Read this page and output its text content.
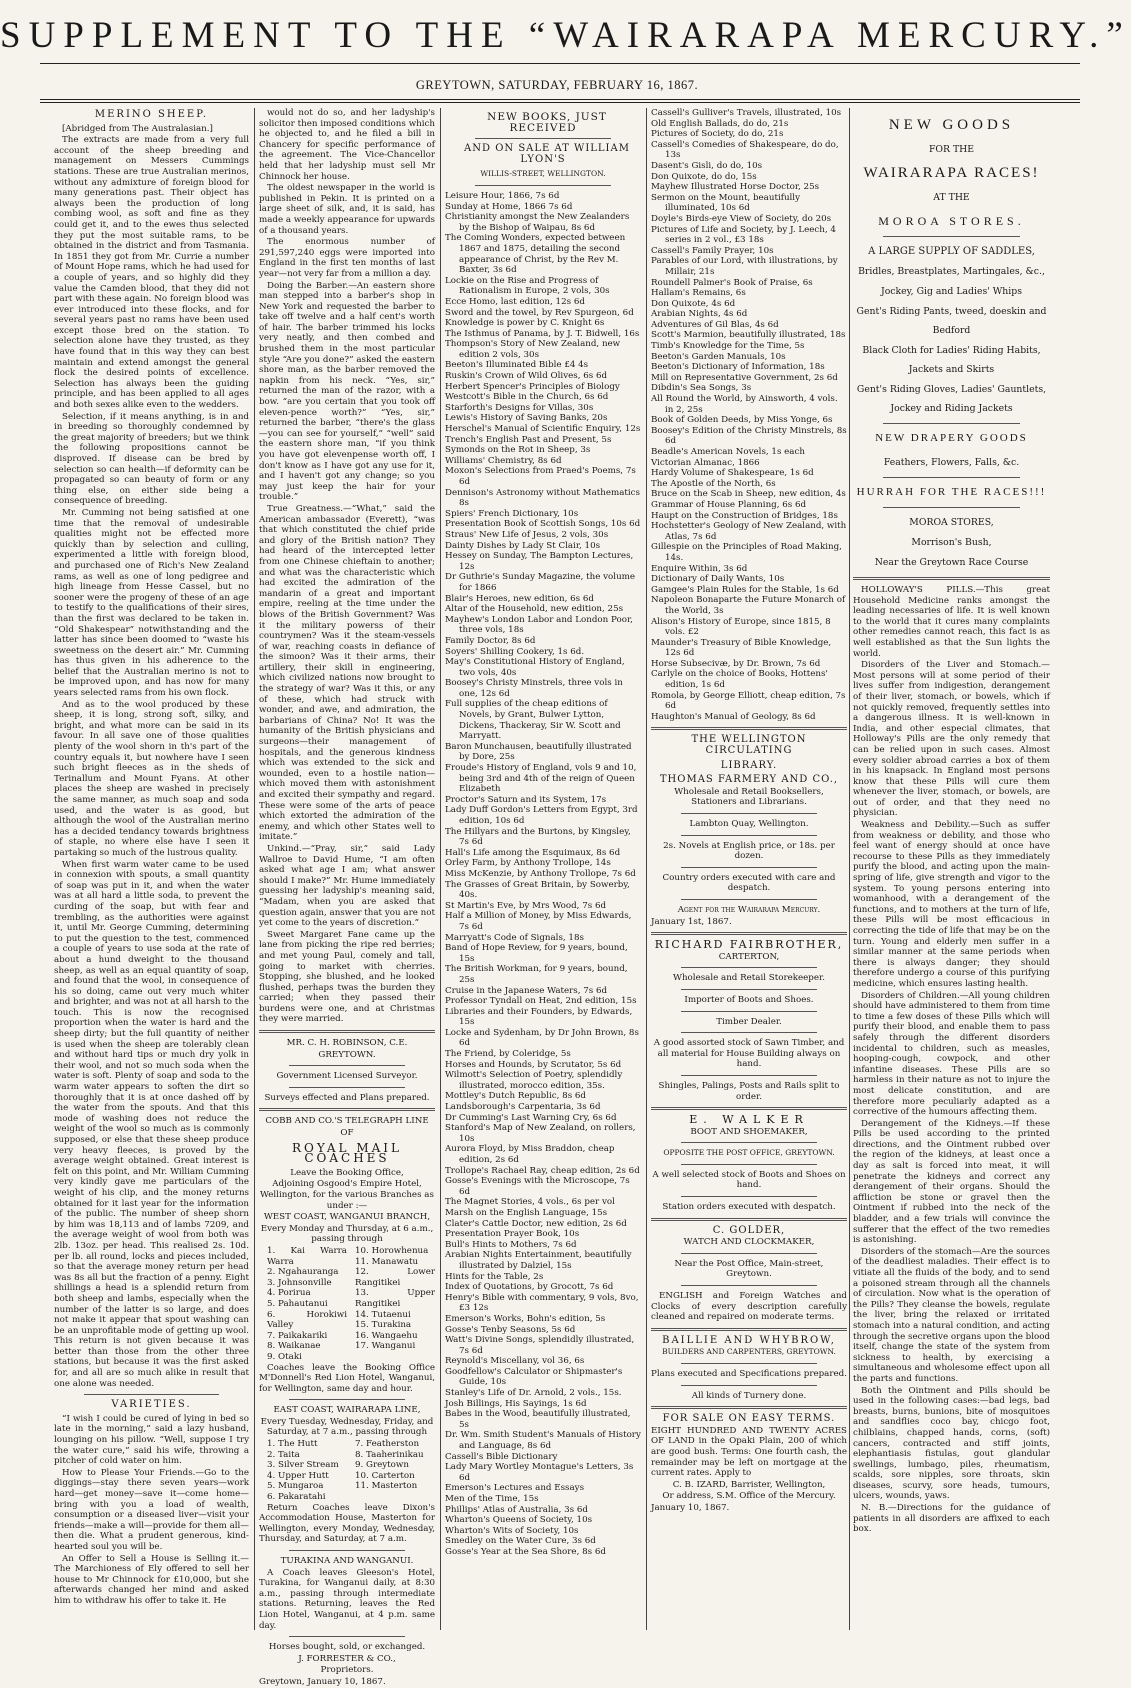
SUPPLEMENT TO THE “WAIRARAPA MERCURY.”
GREYTOWN, SATURDAY, FEBRUARY 16, 1867.

MERINO SHEEP.

[Abridged from The Australasian.]

The extracts are made from a very full account of the sheep breeding and management on Messers Cummings stations. These are true Australian merinos, without any admixture of foreign blood for many generations past. Their object has always been the production of long combing wool, as soft and fine as they could get it, and to the ewes thus selected they put the most suitable rams, to be obtained in the district and from Tasmania. In 1851 they got from Mr. Currie a number of Mount Hope rams, which he had used for a couple of years, and so highly did they value the Camden blood, that they did not part with these again. No foreign blood was ever introduced into these flocks, and for several years past no rams have been used except those bred on the station. To selection alone have they trusted, as they have found that in this way they can best maintain and extend amongst the general flock the desired points of excellence. Selection has always been the guiding principle, and has been applied to all ages and both sexes alike even to the wedders.

Selection, if it means anything, is in and in breeding so thoroughly condemned by the great majority of breeders; but we think the following propositions cannot be disproved. If disease can be bred by selection so can health—if deformity can be propagated so can beauty of form or any thing else, on either side being a consequence of breeding.

Mr. Cumming not being satisfied at one time that the removal of undesirable qualities might not be effected more quickly than by selection and culling, experimented a little with foreign blood, and purchased one of Rich's New Zealand rams, as well as one of long pedigree and high lineage from Hesse Cassel, but no sooner were the progeny of these of an age to testify to the qualifications of their sires, than the first was declared to be taken in. “Old Shakespear” notwithstanding and the latter has since been doomed to “waste his sweetness on the desert air.” Mr. Cumming has thus given in his adherence to the belief that the Australian merino is not to be improved upon, and has now for many years selected rams from his own flock.

And as to the wool produced by these sheep, it is long, strong soft, silky, and bright, and what more can be said in its favour. In all save one of those qualities plenty of the wool shorn in th's part of the country equals it, but nowhere have I seen such bright fleeces as in the sheds of Terinallum and Mount Fyans. At other places the sheep are washed in precisely the same manner, as much soap and soda used, and the water is as good, but although the wool of the Australian merino has a decided tendancy towards brightness of staple, no where else have I seen it partaking so much of the lustrous quality.

When first warm water came to be used in connexion with spouts, a small quantity of soap was put in it, and when the water was at all hard a little soda, to prevent the curding of the soap, but with fear and trembling, as the authorities were against it, until Mr. George Cumming, determining to put the question to the test, commenced a couple of years to use soda at the rate of about a hund dweight to the thousand sheep, as well as an equal quantity of soap, and found that the wool, in consequence of his so doing, came out very much whiter and brighter, and was not at all harsh to the touch. This is now the recognised proportion when the water is hard and the sheep dirty; but the full quantity of neither is used when the sheep are tolerably clean and without hard tips or much dry yolk in their wool, and not so much soda when the water is soft. Plenty of soap and soda to the warm water appears to soften the dirt so thoroughly that it is at once dashed off by the water from the spouts. And that this mode of washing does not reduce the weight of the wool so much as is commonly supposed, or else that these sheep produce very heavy fleeces, is proved by the average weight obtained. Great interest is felt on this point, and Mr. William Cumming very kindly gave me particulars of the weight of his clip, and the money returns obtained for it last year for the information of the public. The number of sheep shorn by him was 18,113 and of lambs 7209, and the average weight of wool from both was 2lb. 13oz. per head. This realised 2s. 10d. per lb. all round, locks and pieces included, so that the average money return per head was 8s all but the fraction of a penny. Eight shillings a head is a splendid return from both sheep and lambs, especially when the number of the latter is so large, and does not make it appear that spout washing can be an unprofitable mode of getting up wool. This return is not given because it was better than those from the other three stations, but because it was the first asked for, and all are so much alike in result that one alone was needed.

VARIETIES.

“I wish I could be cured of lying in bed so late in the morning,” said a lazy husband, lounging on his pillow. “Well, suppose I try the water cure,” said his wife, throwing a pitcher of cold water on him.

How to Please Your Friends.—Go to the diggings—stay there seven years—work hard—get money—save it—come home—bring with you a load of wealth, consumption or a diseased liver—visit your friends—make a will—provide for them all—then die. What a prudent generous, kind-hearted soul you will be.

An Offer to Sell a House is Selling it.—The Marchioness of Ely offered to sell her house to Mr Chinnock for £10,000, but she afterwards changed her mind and asked him to withdraw his offer to take it. He

would not do so, and her ladyship's solicitor then imposed conditions which he objected to, and he filed a bill in Chancery for specific performance of the agreement. The Vice-Chancellor held that her ladyship must sell Mr Chinnock her house.

The oldest newspaper in the world is published in Pekin. It is printed on a large sheet of silk, and, it is said, has made a weekly appearance for upwards of a thousand years.

The enormous number of 291,597,240 eggs were imported into England in the first ten months of last year—not very far from a million a day.

Doing the Barber.—An eastern shore man stepped into a barber's shop in New York and requested the barber to take off twelve and a half cent's worth of hair. The barber trimmed his locks very neatly, and then combed and brushed them in the most particular style “Are you done?” asked the eastern shore man, as the barber removed the napkin from his neck. “Yes, sir,” returned the man of the razor, with a bow. “are you certain that you took off eleven-pence worth?” “Yes, sir,” returned the barber, “there's the glass—you can see for yourself,” “well” said the eastern shore man, “if you think you have got elevenpense worth off, I don't know as I have got any use for it, and I haven't got any change; so you may just keep the hair for your trouble.”

True Greatness.—“What,” said the American ambassador (Everett), “was that which constituted the chief pride and glory of the British nation? They had heard of the intercepted letter from one Chinese chieftain to another; and what was the characteristic which had excited the admiration of the mandarin of a great and important empire, reeling at the time under the blows of the British Government? Was it the military powerss of their countrymen? Was it the steam-vessels of war, reaching coasts in defiance of the simoon? Was it their arms, their artillery, their skill in engineering, which civilized nations now brought to the strategy of war? Was it this, or any of these, which had struck with wonder, and awe, and admiration, the barbarians of China? No! It was the humanity of the British physicians and surgeons—their management of hospitals, and the generous kindness which was extended to the sick and wounded, even to a hostile nation—which moved them with astonishment and excited their sympathy and regard. These were some of the arts of peace which extorted the admiration of the enemy, and which other States well to imitate.”

Unkind.—“Pray, sir,” said Lady Wallroe to David Hume, “I am often asked what age I am; what answer should I make?” Mr. Hume immediately guessing her ladyship's meaning said, “Madam, when you are asked that question again, answer that you are not yet come to the years of discretion.”

Sweet Margaret Fane came up the lane from picking the ripe red berries; and met young Paul, comely and tall, going to market with cherries. Stopping, she blushed, and he looked flushed, perhaps twas the burden they carried; when they passed their burdens were one, and at Christmas they were married.

MR. C. H. ROBINSON, C.E.

GREYTOWN.

Government Licensed Surveyor.

Surveys effected and Plans prepared.

COBB AND CO.'S TELEGRAPH LINE

OF

ROYAL MAIL COACHES

Leave the Booking Office,

Adjoining Osgood's Empire Hotel, Wellington, for the various Branches as under :—

WEST COAST, WANGANUI BRANCH,

Every Monday and Thursday, at 6 a.m., passing through

1. Kai Warra Warra
2. Ngahauranga
3. Johnsonville
4. Porirua
5. Pahautanui
6. Horokiwi Valley
7. Paikakariki
8. Waikanae
9. Otaki
10. Horowhenua
11. Manawatu
12. Lower Rangitikei
13. Upper Rangitikei
14. Tutaenui
15. Turakina
16. Wangaehu
17. Wanganui

Coaches leave the Booking Office M'Donnell's Red Lion Hotel, Wanganui, for Wellington, same day and hour.

EAST COAST, WAIRARAPA LINE,

Every Tuesday, Wednesday, Friday, and Saturday, at 7 a.m., passing through

1. The Hutt
2. Taita
3. Silver Stream
4. Upper Hutt
5. Mungaroa
6. Pakaratahi
7. Featherston
8. Taaherinikau
9. Greytown
10. Carterton
11. Masterton

Return Coaches leave Dixon's Accommodation House, Masterton for Wellington, every Monday, Wednesday, Thursday, and Saturday, at 7 a.m.

TURAKINA AND WANGANUI.

A Coach leaves Gleeson's Hotel, Turakina, for Wanganui daily, at 8:30 a.m., passing through intermediate stations. Returning, leaves the Red Lion Hotel, Wanganui, at 4 p.m. same day.

Horses bought, sold, or exchanged.

J. FORRESTER & CO.,

Proprietors.

Greytown, January 10, 1867.

NEW BOOKS, JUST RECEIVED

AND ON SALE AT WILLIAM LYON'S

WILLIS-STREET, WELLINGTON.

Leisure Hour, 1866, 7s 6d
Sunday at Home, 1866 7s 6d
Christianity amongst the New Zealanders by the Bishop of Waipau, 8s 6d
The Coming Wonders, expected between 1867 and 1875, detailing the second appearance of Christ, by the Rev M. Baxter, 3s 6d
Lockie on the Rise and Progress of Rationalism in Europe, 2 vols, 30s
Ecce Homo, last edition, 12s 6d
Sword and the towel, by Rev Spurgeon, 6d
Knowledge is power by C. Knight 6s
The Isthmus of Panama, by J. T. Bidwell, 16s
Thompson's Story of New Zealand, new edition 2 vols, 30s
Beeton's Illuminated Bible £4 4s
Ruskin's Crown of Wild Olives, 6s 6d
Herbert Spencer's Principles of Biology
Westcott's Bible in the Church, 6s 6d
Starforth's Designs for Villas, 30s
Lewis's History of Saving Banks, 20s
Herschel's Manual of Scientific Enquiry, 12s
Trench's English Past and Present, 5s
Symonds on the Rot in Sheep, 3s
Williams' Chemistry, 8s 6d
Moxon's Selections from Praed's Poems, 7s 6d
Dennison's Astronomy without Mathematics 8s
Spiers' French Dictionary, 10s
Presentation Book of Scottish Songs, 10s 6d
Straus' New Life of Jesus, 2 vols, 30s
Dainty Dishes by Lady St Clair, 10s
Hessey on Sunday, The Bampton Lectures, 12s
Dr Guthrie's Sunday Magazine, the volume for 1866
Blair's Heroes, new edition, 6s 6d
Altar of the Household, new edition, 25s
Mayhew's London Labor and London Poor, three vols, 18s
Family Doctor, 8s 6d
Soyers' Shilling Cookery, 1s 6d.
May's Constitutional History of England, two vols, 40s
Boosey's Christy Minstrels, three vols in one, 12s 6d
Full supplies of the cheap editions of Novels, by Grant, Bulwer Lytton, Dickens, Thackeray, Sir W. Scott and Marryatt.
Baron Munchausen, beautifully illustrated by Dore, 25s
Froude's History of England, vols 9 and 10, being 3rd and 4th of the reign of Queen Elizabeth
Proctor's Saturn and its System, 17s
Lady Duff Gordon's Letters from Egypt, 3rd edition, 10s 6d
The Hillyars and the Burtons, by Kingsley, 7s 6d
Hall's Life among the Esquimaux, 8s 6d
Orley Farm, by Anthony Trollope, 14s
Miss McKenzie, by Anthony Trollope, 7s 6d
The Grasses of Great Britain, by Sowerby, 40s.
St Martin's Eve, by Mrs Wood, 7s 6d
Half a Million of Money, by Miss Edwards, 7s 6d
Marryatt's Code of Signals, 18s
Band of Hope Review, for 9 years, bound, 15s
The British Workman, for 9 years, bound, 25s
Cruise in the Japanese Waters, 7s 6d
Professor Tyndall on Heat, 2nd edition, 15s
Libraries and their Founders, by Edwards, 15s
Locke and Sydenham, by Dr John Brown, 8s 6d
The Friend, by Coleridge, 5s
Horses and Hounds, by Scrutator, 5s 6d
Wilmott's Selection of Poetry, splendidly illustrated, morocco edition, 35s.
Mottley's Dutch Republic, 8s 6d
Landsborough's Carpentaria, 3s 6d
Dr Cumming's Last Warning Cry, 6s 6d
Stanford's Map of New Zealand, on rollers, 10s
Aurora Floyd, by Miss Braddon, cheap edition, 2s 6d
Trollope's Rachael Ray, cheap edition, 2s 6d
Gosse's Evenings with the Microscope, 7s 6d
The Magnet Stories, 4 vols., 6s per vol
Marsh on the English Language, 15s
Clater's Cattle Doctor, new edition, 2s 6d
Presentation Prayer Book, 10s
Bull's Hints to Mothers, 7s 6d
Arabian Nights Entertainment, beautifully illustrated by Dalziel, 15s
Hints for the Table, 2s
Index of Quotations, by Grocott, 7s 6d
Henry's Bible with commentary, 9 vols, 8vo, £3 12s
Emerson's Works, Bohn's edition, 5s
Gosse's Tenby Seasons, 5s 6d
Watt's Divine Songs, splendidly illustrated, 7s 6d
Reynold's Miscellany, vol 36, 6s
Goodfellow's Calculator or Shipmaster's Guide, 10s
Stanley's Life of Dr. Arnold, 2 vols., 15s.
Josh Billings, His Sayings, 1s 6d
Babes in the Wood, beautifully illustrated, 5s
Dr. Wm. Smith Student's Manuals of History and Language, 8s 6d
Cassell's Bible Dictionary
Lady Mary Wortley Montague's Letters, 3s 6d
Emerson's Lectures and Essays
Men of the Time, 15s
Phillips' Atlas of Australia, 3s 6d
Wharton's Queens of Society, 10s
Wharton's Wits of Society, 10s
Smedley on the Water Cure, 3s 6d
Gosse's Year at the Sea Shore, 8s 6d
Cassell's Gulliver's Travels, illustrated, 10s
Old English Ballads, do do, 21s
Pictures of Society, do do, 21s
Cassell's Comedies of Shakespeare, do do, 13s
Dasent's Gisli, do do, 10s
Don Quixote, do do, 15s
Mayhew Illustrated Horse Doctor, 25s
Sermon on the Mount, beautifully illuminated, 10s 6d
Doyle's Birds-eye View of Society, do 20s
Pictures of Life and Society, by J. Leech, 4 series in 2 vol., £3 18s
Cassell's Family Prayer, 10s
Parables of our Lord, with illustrations, by Millair, 21s
Roundell Palmer's Book of Praise, 6s
Hallam's Remains, 6s
Don Quixote, 4s 6d
Arabian Nights, 4s 6d
Adventures of Gil Blas, 4s 6d
Scott's Marmion, beautifully illustrated, 18s
Timb's Knowledge for the Time, 5s
Beeton's Garden Manuals, 10s
Beeton's Dictionary of Information, 18s
Mill on Representative Government, 2s 6d
Dibdin's Sea Songs, 3s
All Round the World, by Ainsworth, 4 vols. in 2, 25s
Book of Golden Deeds, by Miss Yonge, 6s
Boosey's Edition of the Christy Minstrels, 8s 6d
Beadle's American Novels, 1s each
Victorian Almanac, 1866
Hardy Volume of Shakespeare, 1s 6d
The Apostle of the North, 6s
Bruce on the Scab in Sheep, new edition, 4s
Grammar of House Planning, 6s 6d
Haupt on the Construction of Bridges, 18s
Hochstetter's Geology of New Zealand, with Atlas, 7s 6d
Gillespie on the Principles of Road Making, 14s.
Enquire Within, 3s 6d
Dictionary of Daily Wants, 10s
Gamgee's Plain Rules for the Stable, 1s 6d
Napoleon Bonaparte the Future Monarch of the World, 3s
Alison's History of Europe, since 1815, 8 vols. £2
Maunder's Treasury of Bible Knowledge, 12s 6d
Horse Subsecivæ, by Dr. Brown, 7s 6d
Carlyle on the choice of Books, Hottens' edition, 1s 6d
Romola, by George Elliott, cheap edition, 7s 6d
Haughton's Manual of Geology, 8s 6d

THE WELLINGTON CIRCULATING

LIBRARY.

THOMAS FARMERY AND CO.,

Wholesale and Retail Booksellers, Stationers and Librarians.

Lambton Quay, Wellington.

2s. Novels at English price, or 18s. per dozen.

Country orders executed with care and despatch.

Agent for the Wairarapa Mercury.

January 1st, 1867.

RICHARD FAIRBROTHER,

CARTERTON,

Wholesale and Retail Storekeeper.

Importer of Boots and Shoes.

Timber Dealer.

A good assorted stock of Sawn Timber, and all material for House Building always on hand.

Shingles, Palings, Posts and Rails split to order.

E. WALKER

BOOT AND SHOEMAKER,

OPPOSITE THE POST OFFICE, GREYTOWN.

A well selected stock of Boots and Shoes on hand.

Station orders executed with despatch.

C. GOLDER,

WATCH AND CLOCKMAKER,

Near the Post Office, Main-street, Greytown.

ENGLISH and Foreign Watches and Clocks of every description carefully cleaned and repaired on moderate terms.

BAILLIE AND WHYBROW,

BUILDERS AND CARPENTERS, GREYTOWN.

Plans executed and Specifications prepared.

All kinds of Turnery done.

FOR SALE ON EASY TERMS.

EIGHT HUNDRED AND TWENTY ACRES OF LAND in the Opaki Plain, 200 of which are good bush. Terms: One fourth cash, the remainder may be left on mortgage at the current rates. Apply to

C. B. IZARD, Barrister, Wellington,

Or address, S.M. Office of the Mercury.

January 10, 1867.

NEW GOODS

FOR THE

WAIRARAPA RACES!

AT THE

MOROA STORES.

A LARGE SUPPLY OF SADDLES,

Bridles, Breastplates, Martingales, &c.,

Jockey, Gig and Ladies' Whips

Gent's Riding Pants, tweed, doeskin and Bedford

Black Cloth for Ladies' Riding Habits, Jackets and Skirts

Gent's Riding Gloves, Ladies' Gauntlets, Jockey and Riding Jackets

NEW DRAPERY GOODS

Feathers, Flowers, Falls, &c.

HURRAH FOR THE RACES!!!

MOROA STORES,

Morrison's Bush,

Near the Greytown Race Course

HOLLOWAY'S PILLS.—This great Household Medicine ranks amongst the leading necessaries of life. It is well known to the world that it cures many complaints other remedies cannot reach, this fact is as well established as that the Sun lights the world.

Disorders of the Liver and Stomach.—Most persons will at some period of their lives suffer from indigestion, derangement of their liver, stomach, or bowels, which if not quickly removed, frequently settles into a dangerous illness. It is well-known in India, and other especial climates, that Holloway's Pills are the only remedy that can be relied upon in such cases. Almost every soldier abroad carries a box of them in his knapsack. In England most persons know that these Pills will cure them whenever the liver, stomach, or bowels, are out of order, and that they need no physician.

Weakness and Debility.—Such as suffer from weakness or debility, and those who feel want of energy should at once have recourse to these Pills as they immediately purify the blood, and acting upon the main-spring of life, give strength and vigor to the system. To young persons entering into womanhood, with a derangement of the functions, and to mothers at the turn of life, these Pills will be most efficacious in correcting the tide of life that may be on the turn. Young and elderly men suffer in a similar manner at the same periods when there is always danger; they should therefore undergo a course of this purifying medicine, which ensures lasting health.

Disorders of Children.—All young children should have administered to them from time to time a few doses of these Pills which will purify their blood, and enable them to pass safely through the different disorders incidental to children, such as measles, hooping-cough, cowpock, and other infantine diseases. These Pills are so harmless in their nature as not to injure the most delicate constitution, and are therefore more peculiarly adapted as a corrective of the humours affecting them.

Derangement of the Kidneys.—If these Pills be used according to the printed directions, and the Ointment rubbed over the region of the kidneys, at least once a day as salt is forced into meat, it will penetrate the kidneys and correct any derangement of their organs. Should the affliction be stone or gravel then the Ointment if rubbed into the neck of the bladder, and a few trials will convince the sufferer that the effect of the two remedies is astonishing.

Disorders of the stomach—Are the sources of the deadliest maladies. Their effect is to vitiate all the fluids of the body, and to send a poisoned stream through all the channels of circulation. Now what is the operation of the Pills? They cleanse the bowels, regulate the liver, bring the relaxed or irritated stomach into a natural condition, and acting through the secretive organs upon the blood itself, change the state of the system from sickness to health, by exercising a simultaneous and wholesome effect upon all the parts and functions.

Both the Ointment and Pills should be used in the following cases:—bad legs, bad breasts, burns, bunions, bite of mosquitoes and sandflies coco bay, chicgo foot, chilblains, chapped hands, corns, (soft) cancers, contracted and stiff joints, elephantiasis fistulas, gout glandular swellings, lumbago, piles, rheumatism, scalds, sore nipples, sore throats, skin diseases, scurvy, sore heads, tumours, ulcers, wounds, yaws.

N. B.—Directions for the guidance of patients in all disorders are affixed to each box.
